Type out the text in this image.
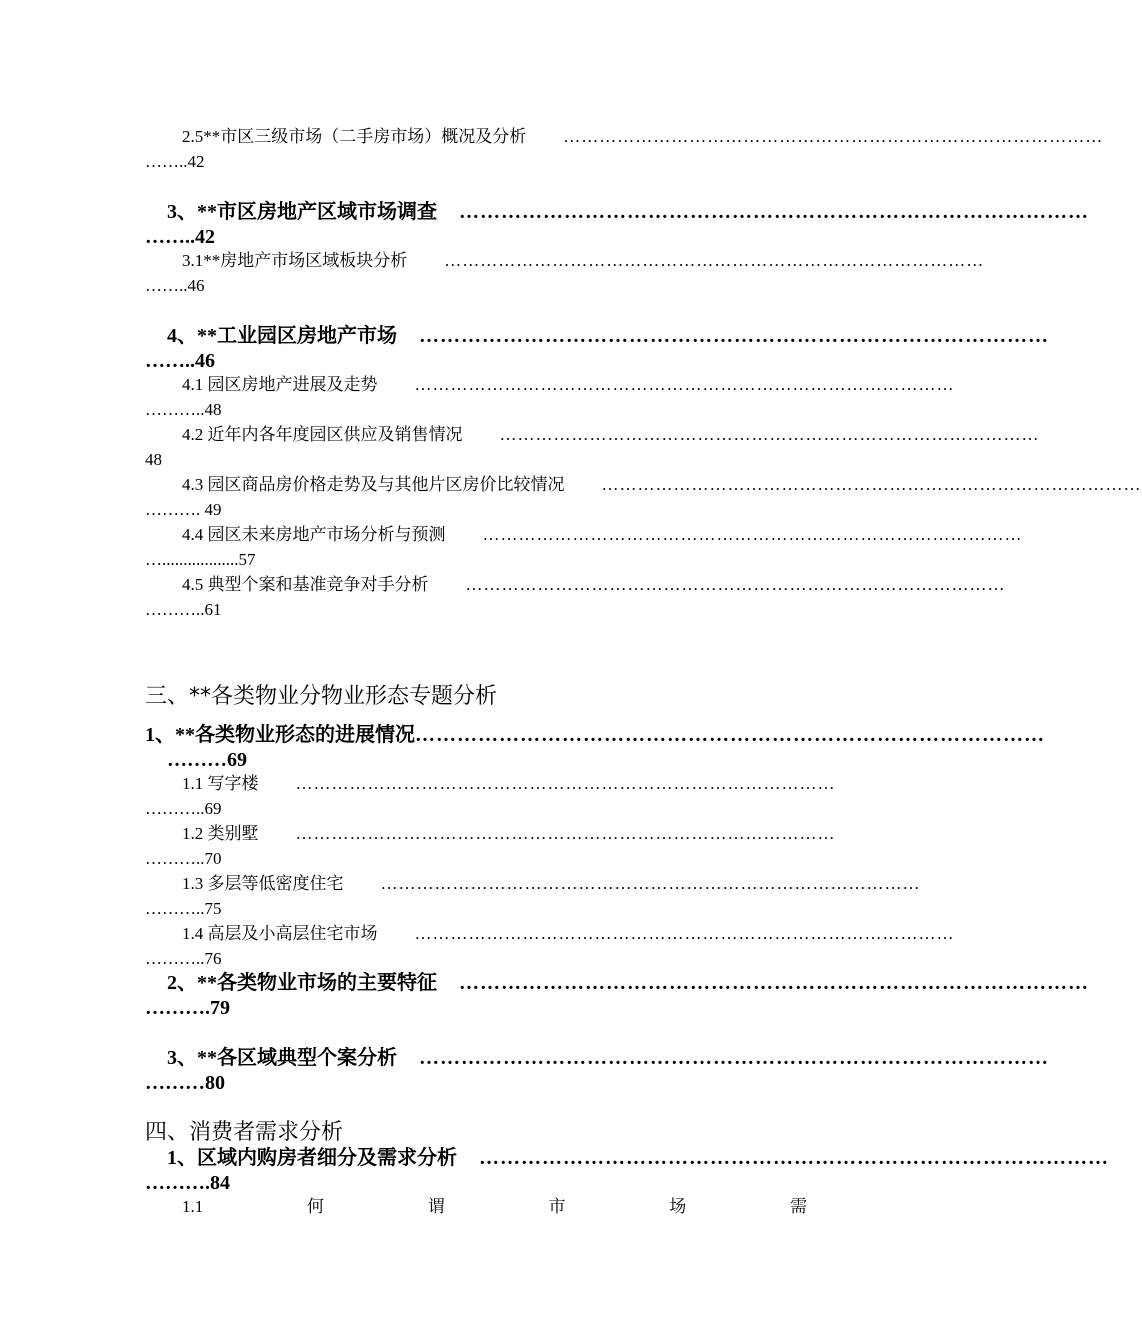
2.5**市区三级市场（二手房市场）概况及分析	………………………………………………………………………………
……..42
3、**市区房地产区域市场调查	………………………………………………………………………………
……..42
3.1**房地产市场区域板块分析	………………………………………………………………………………
……..46
4、**工业园区房地产市场	………………………………………………………………………………
……..46
4.1 园区房地产进展及走势	………………………………………………………………………………
………..48
4.2 近年内各年度园区供应及销售情况	………………………………………………………………………………
48
4.3 园区商品房价格走势及与其他片区房价比较情况	………………………………………………………………………………
………. 49
4.4 园区未来房地产市场分析与预测	………………………………………………………………………………
…..................57
4.5 典型个案和基准竞争对手分析	………………………………………………………………………………
………..61
三、**各类物业分物业形态专题分析
1、**各类物业形态的进展情况 ………………………………………………………………………………
………69
1.1 写字楼	………………………………………………………………………………
………..69
1.2 类别墅	………………………………………………………………………………
………..70
1.3 多层等低密度住宅	………………………………………………………………………………
………..75
1.4 高层及小高层住宅市场	………………………………………………………………………………
………..76
2、**各类物业市场的主要特征	………………………………………………………………………………
……….79
3、**各区域典型个案分析	………………………………………………………………………………
………80
四、消费者需求分析
1、区域内购房者细分及需求分析	………………………………………………………………………………
……….84
1.1	何	谓	市	场	需
